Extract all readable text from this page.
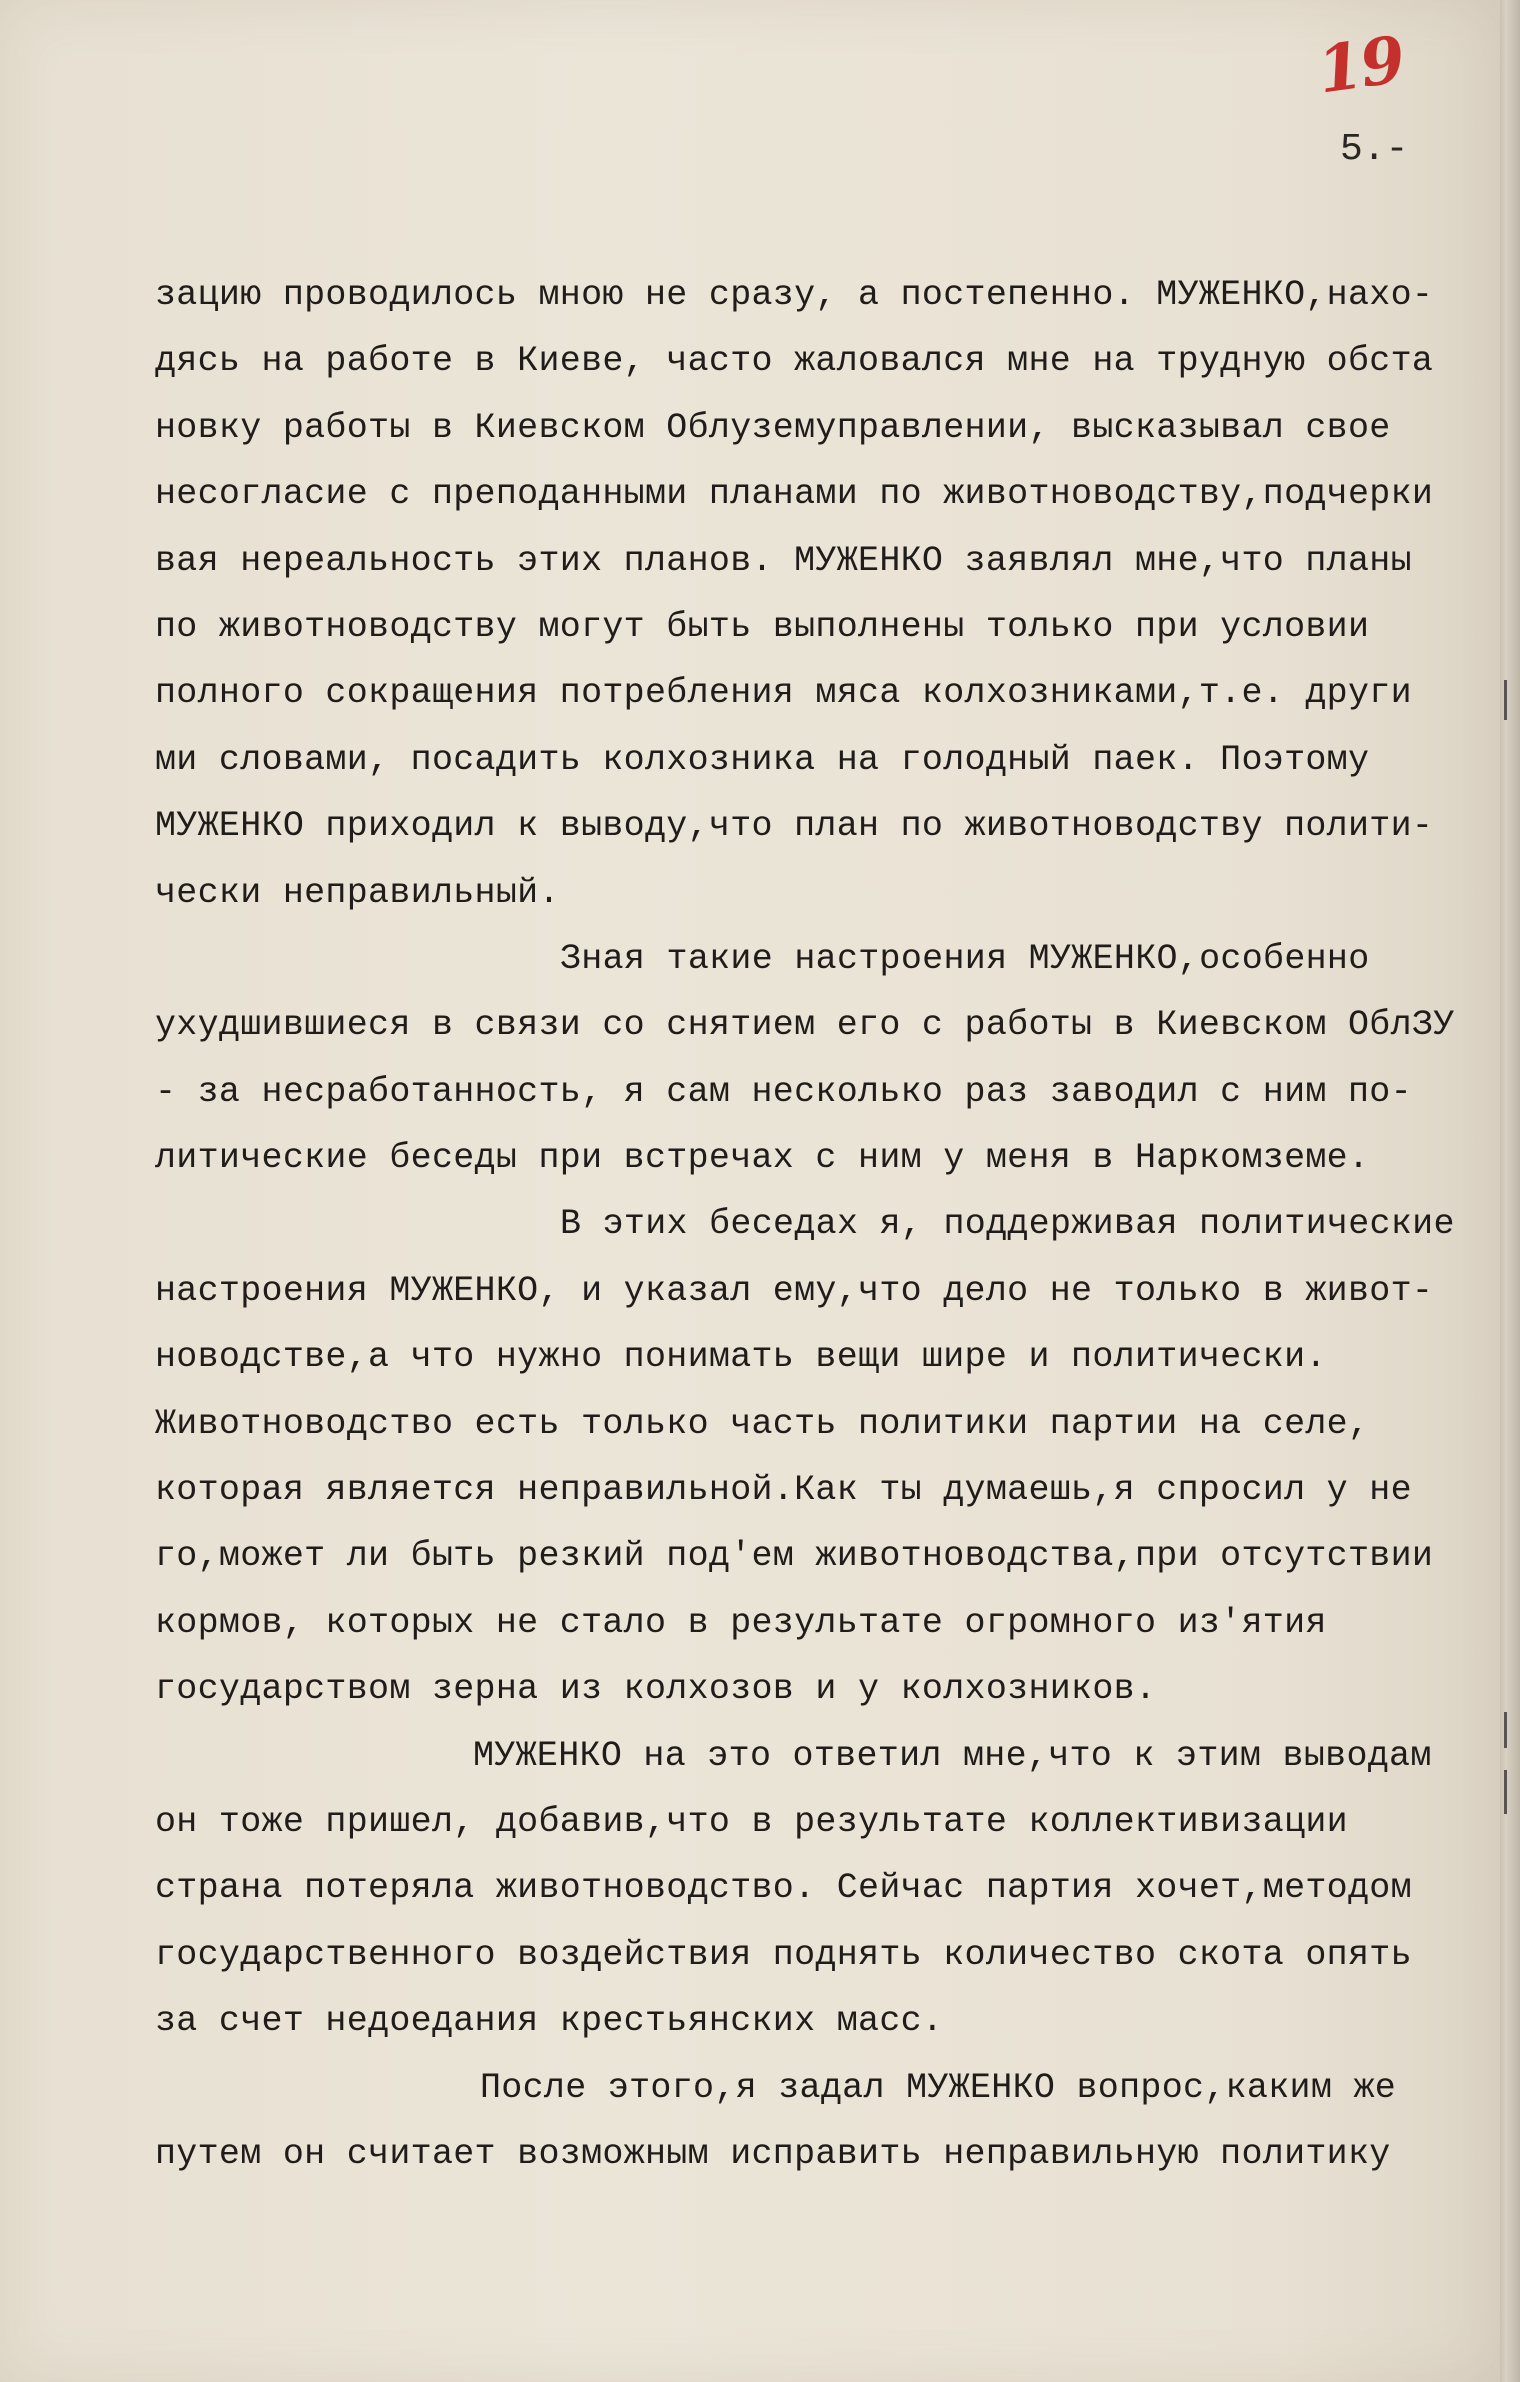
19
5.-
зацию проводилось мною не сразу, а постепенно. МУЖЕНКО,нахо-
дясь на работе в Киеве, часто жаловался мне на трудную обста
новку работы в Киевском Облуземуправлении, высказывал свое
несогласие с преподанными планами по животноводству,подчерки
вая нереальность этих планов. МУЖЕНКО заявлял мне,что планы
по животноводству могут быть выполнены только при условии
полного сокращения потребления мяса колхозниками,т.е. други
ми словами, посадить колхозника на голодный паек. Поэтому
МУЖЕНКО приходил к выводу,что план по животноводству полити-
чески неправильный.
Зная такие настроения МУЖЕНКО,особенно
ухудшившиеся в связи со снятием его с работы в Киевском ОблЗУ
- за несработанность, я сам несколько раз заводил с ним по-
литические беседы при встречах с ним у меня в Наркомземе.
В этих беседах я, поддерживая политические
настроения МУЖЕНКО, и указал ему,что дело не только в живот-
новодстве,а что нужно понимать вещи шире и политически.
Животноводство есть только часть политики партии на селе,
которая является неправильной.Как ты думаешь,я спросил у не
го,может ли быть резкий под'ем животноводства,при отсутствии
кормов, которых не стало в результате огромного из'ятия
государством зерна из колхозов и у колхозников.
МУЖЕНКО на это ответил мне,что к этим выводам
он тоже пришел, добавив,что в результате коллективизации
страна потеряла животноводство. Сейчас партия хочет,методом
государственного воздействия поднять количество скота опять
за счет недоедания крестьянских масс.
После этого,я задал МУЖЕНКО вопрос,каким же
путем он считает возможным исправить неправильную политику
